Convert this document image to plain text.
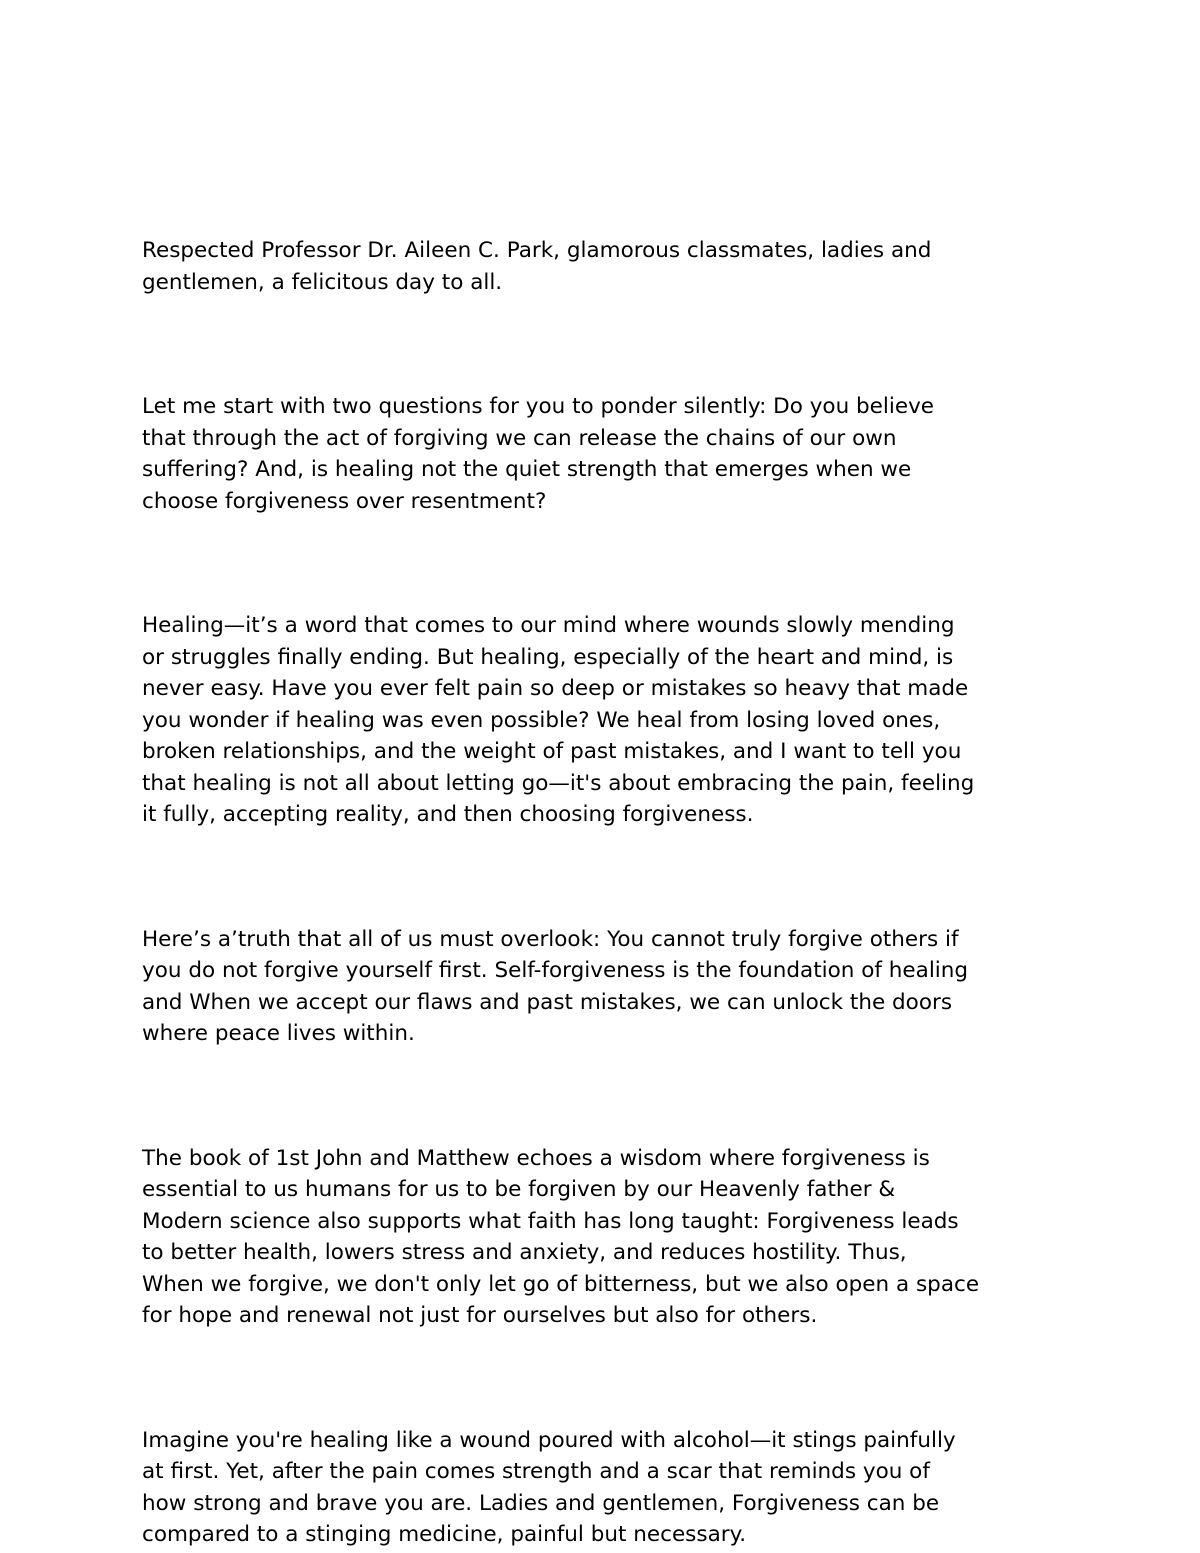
Respected Professor Dr. Aileen C. Park, glamorous classmates, ladies and
gentlemen, a felicitous day to all.

Let me start with two questions for you to ponder silently: Do you believe
that through the act of forgiving we can release the chains of our own
suffering? And, is healing not the quiet strength that emerges when we
choose forgiveness over resentment?

Healing—it’s a word that comes to our mind where wounds slowly mending
or struggles finally ending. But healing, especially of the heart and mind, is
never easy. Have you ever felt pain so deep or mistakes so heavy that made
you wonder if healing was even possible? We heal from losing loved ones,
broken relationships, and the weight of past mistakes, and I want to tell you
that healing is not all about letting go—it's about embracing the pain, feeling
it fully, accepting reality, and then choosing forgiveness.

Here’s a’truth that all of us must overlook: You cannot truly forgive others if
you do not forgive yourself first. Self-forgiveness is the foundation of healing
and When we accept our flaws and past mistakes, we can unlock the doors
where peace lives within.

The book of 1st John and Matthew echoes a wisdom where forgiveness is
essential to us humans for us to be forgiven by our Heavenly father &
Modern science also supports what faith has long taught: Forgiveness leads
to better health, lowers stress and anxiety, and reduces hostility. Thus,
When we forgive, we don't only let go of bitterness, but we also open a space
for hope and renewal not just for ourselves but also for others.

Imagine you're healing like a wound poured with alcohol—it stings painfully
at first. Yet, after the pain comes strength and a scar that reminds you of
how strong and brave you are. Ladies and gentlemen, Forgiveness can be
compared to a stinging medicine, painful but necessary.
